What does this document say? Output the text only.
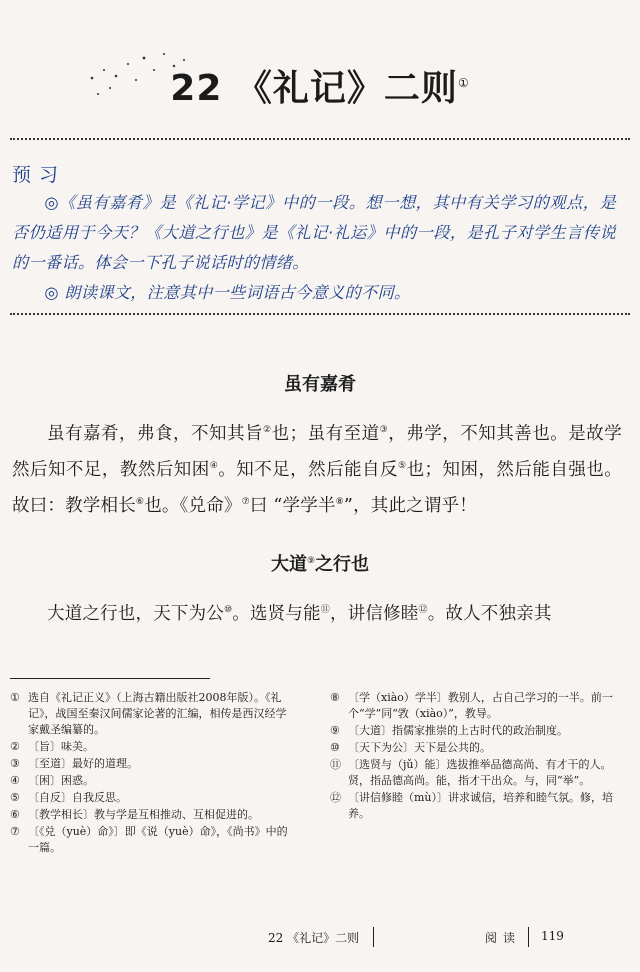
22 《礼记》二则①
预习

◎《虽有嘉肴》是《礼记·学记》中的一段。想一想，其中有关学习的观点，是否仍适用于今天？《大道之行也》是《礼记·礼运》中的一段，是孔子对学生言传说的一番话。体会一下孔子说话时的情绪。

◎ 朗读课文，注意其中一些词语古今意义的不同。

虽有嘉肴

虽有嘉肴，弗食，不知其旨②也；虽有至道③，弗学，不知其善也。是故学然后知不足，教然后知困④。知不足，然后能自反⑤也；知困，然后能自强也。故曰：教学相长⑥也。《兑命》⑦曰 “学学半⑧”，其此之谓乎！

大道⑨之行也

大道之行也，天下为公⑩。选贤与能⑪，讲信修睦⑫。故人不独亲其

① 选自《礼记正义》（上海古籍出版社2008年版）。《礼记》，战国至秦汉间儒家论著的汇编，相传是西汉经学家戴圣编纂的。
② 〔旨〕味美。
③ 〔至道〕最好的道理。
④ 〔困〕困惑。
⑤ 〔自反〕自我反思。
⑥ 〔教学相长〕教与学是互相推动、互相促进的。
⑦ 〔《兑（yuè）命》〕即《说（yuè）命》，《尚书》中的一篇。
⑧ 〔学（xiào）学半〕教别人，占自己学习的一半。前一个“学”同“敩（xiào）”，教导。
⑨ 〔大道〕指儒家推崇的上古时代的政治制度。
⑩ 〔天下为公〕天下是公共的。
⑪ 〔选贤与（jǔ）能〕选拔推举品德高尚、有才干的人。贤，指品德高尚。能，指才干出众。与，同“举”。
⑫ 〔讲信修睦（mù）〕讲求诚信，培养和睦气氛。修，培养。
22 《礼记》二则	阅读 119
